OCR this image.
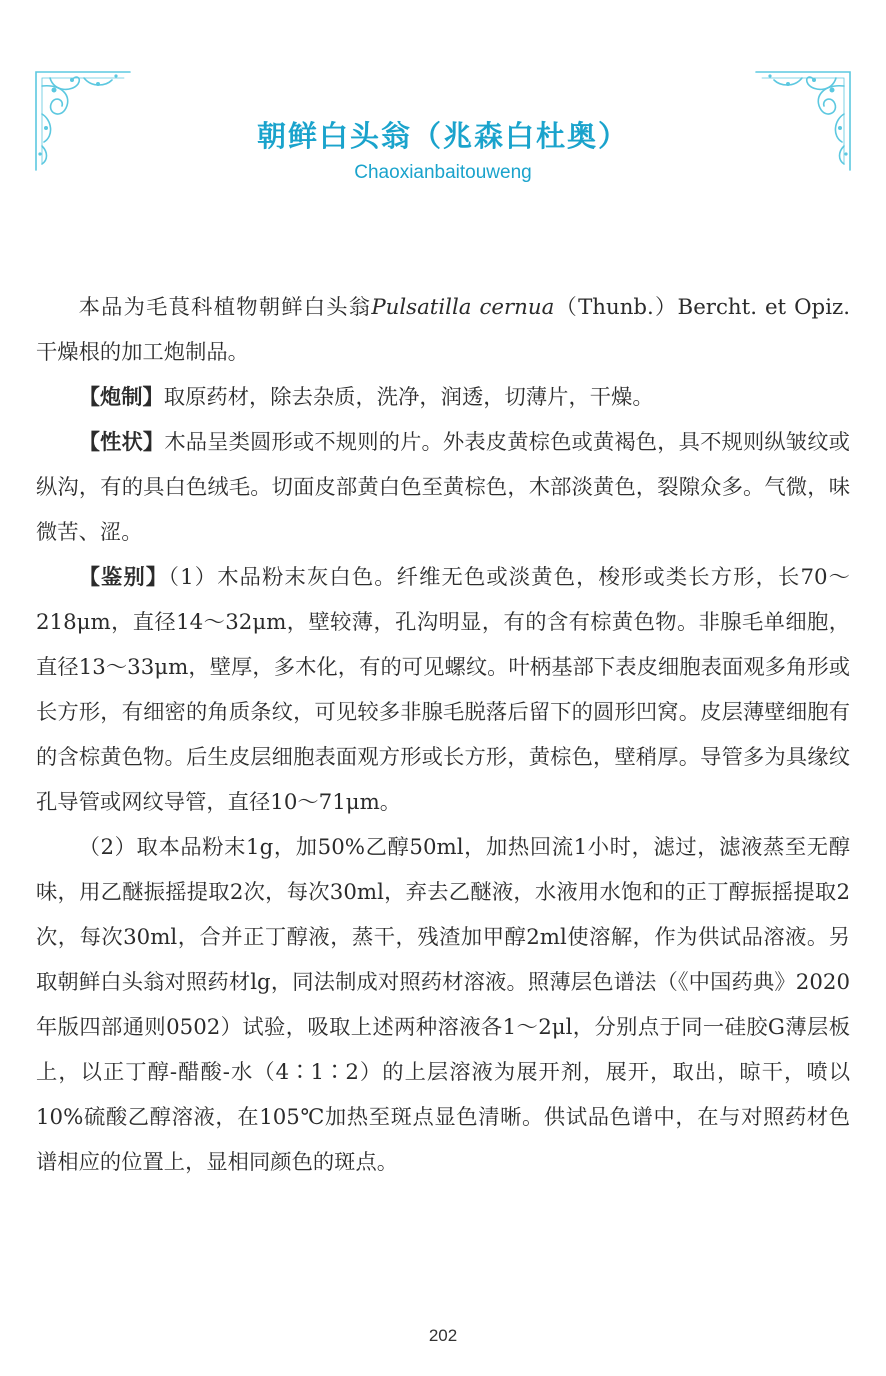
朝鲜白头翁（兆森白杜奥）
Chaoxianbaitouweng

本品为毛茛科植物朝鲜白头翁Pulsatilla cernua（Thunb.）Bercht. et Opiz. 干燥根的加工炮制品。

【炮制】取原药材，除去杂质，洗净，润透，切薄片，干燥。

【性状】木品呈类圆形或不规则的片。外表皮黄棕色或黄褐色，具不规则纵皱纹或纵沟，有的具白色绒毛。切面皮部黄白色至黄棕色，木部淡黄色，裂隙众多。气微，味微苦、涩。

【鉴别】（1）木品粉末灰白色。纤维无色或淡黄色，梭形或类长方形，长70～218μm，直径14～32μm，壁较薄，孔沟明显，有的含有棕黄色物。非腺毛单细胞，直径13～33μm，壁厚，多木化，有的可见螺纹。叶柄基部下表皮细胞表面观多角形或长方形，有细密的角质条纹，可见较多非腺毛脱落后留下的圆形凹窝。皮层薄壁细胞有的含棕黄色物。后生皮层细胞表面观方形或长方形，黄棕色，壁稍厚。导管多为具缘纹孔导管或网纹导管，直径10～71μm。

（2）取本品粉末1g，加50%乙醇50ml，加热回流1小时，滤过，滤液蒸至无醇味，用乙醚振摇提取2次，每次30ml，弃去乙醚液，水液用水饱和的正丁醇振摇提取2次，每次30ml，合并正丁醇液，蒸干，残渣加甲醇2ml使溶解，作为供试品溶液。另取朝鲜白头翁对照药材lg，同法制成对照药材溶液。照薄层色谱法（《中国药典》2020年版四部通则0502）试验，吸取上述两种溶液各1～2μl，分别点于同一硅胶G薄层板上，以正丁醇-醋酸-水（4∶1∶2）的上层溶液为展开剂，展开，取出，晾干，喷以10%硫酸乙醇溶液，在105℃加热至斑点显色清晰。供试品色谱中，在与对照药材色谱相应的位置上，显相同颜色的斑点。

202
